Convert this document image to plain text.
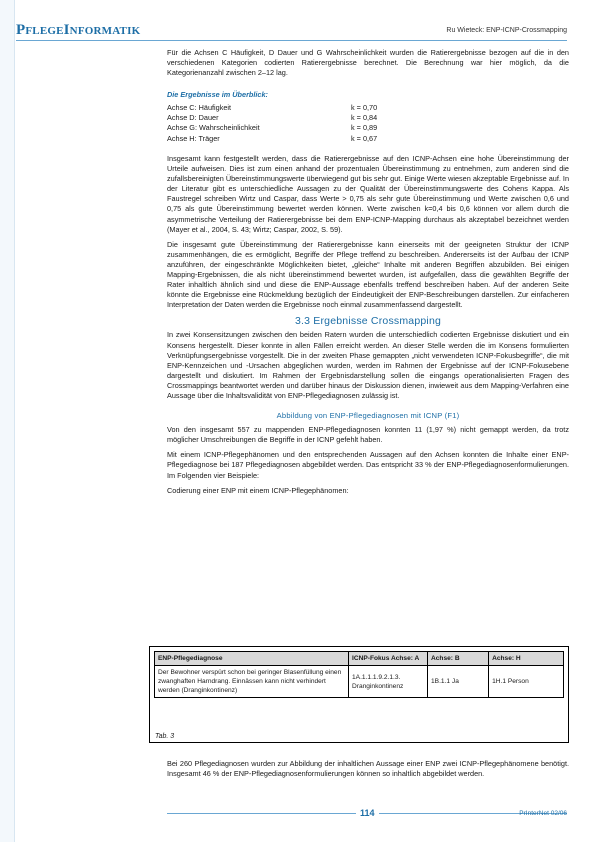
PflegeInformatik	Ru Wieteck: ENP-ICNP-Crossmapping

Für die Achsen C Häufigkeit, D Dauer und G Wahrscheinlichkeit wurden die Ratierergebnisse bezogen auf die in den verschiedenen Kategorien codierten Ratierergebnisse berechnet. Die Berechnung war hier möglich, da die Kategorienanzahl zwischen 2–12 lag.

Die Ergebnisse im Überblick:
Achse C: Häufigkeit	k = 0,70
Achse D: Dauer	k = 0,84
Achse G: Wahrscheinlichkeit	k = 0,89
Achse H: Träger	k = 0,67

Insgesamt kann festgestellt werden, dass die Ratierergebnisse auf den ICNP-Achsen eine hohe Übereinstimmung der Urteile aufweisen. Dies ist zum einen anhand der prozentualen Übereinstimmung zu entnehmen, zum anderen sind die zufallsbereinigten Übereinstimmungswerte überwiegend gut bis sehr gut. Einige Werte wiesen akzeptable Ergebnisse auf. In der Literatur gibt es unterschiedliche Aussagen zu der Qualität der Übereinstimmungswerte des Cohens Kappa. Als Faustregel schreiben Wirtz und Caspar, dass Werte > 0,75 als sehr gute Übereinstimmung und Werte zwischen 0,6 und 0,75 als gute Übereinstimmung bewertet werden können. Werte zwischen k=0,4 bis 0,6 können vor allem durch die asymmetrische Verteilung der Ratierergebnisse bei dem ENP-ICNP-Mapping durchaus als akzeptabel bezeichnet werden (Mayer et al., 2004, S. 43; Wirtz; Caspar, 2002, S. 59).

Die insgesamt gute Übereinstimmung der Ratierergebnisse kann einerseits mit der geeigneten Struktur der ICNP zusammenhängen, die es ermöglicht, Begriffe der Pflege treffend zu beschreiben. Andererseits ist der Aufbau der ICNP anzuführen, der eingeschränkte Möglichkeiten bietet, „gleiche“ Inhalte mit anderen Begriffen abzubilden. Bei einigen Mapping-Ergebnissen, die als nicht übereinstimmend bewertet wurden, ist aufgefallen, dass die gewählten Begriffe der Rater inhaltlich ähnlich sind und diese die ENP-Aussage ebenfalls treffend beschreiben haben. Auf der anderen Seite könnte die Ergebnisse eine Rückmeldung bezüglich der Eindeutigkeit der ENP-Beschreibungen darstellen. Zur einfacheren Interpretation der Daten werden die Ergebnisse noch einmal zusammenfassend dargestellt.

3.3 Ergebnisse Crossmapping

In zwei Konsensitzungen zwischen den beiden Ratern wurden die unterschiedlich codierten Ergebnisse diskutiert und ein Konsens hergestellt. Dieser konnte in allen Fällen erreicht werden. An dieser Stelle werden die im Konsens formulierten Verknüpfungsergebnisse vorgestellt. Die in der zweiten Phase gemappten „nicht verwendeten ICNP-Fokusbegriffe“, die mit ENP-Kennzeichen und -Ursachen abgeglichen wurden, werden im Rahmen der Ergebnisse auf der ICNP-Fokusebene dargestellt und diskutiert. Im Rahmen der Ergebnisdarstellung sollen die eingangs operationalisierten Fragen des Crossmappings beantwortet werden und darüber hinaus der Diskussion dienen, inwieweit aus dem Mapping-Verfahren eine Aussage über die Inhaltsvalidität von ENP-Pflegediagnosen zulässig ist.

Abbildung von ENP-Pflegediagnosen mit ICNP (F1)

Von den insgesamt 557 zu mappenden ENP-Pflegediagnosen konnten 11 (1,97 %) nicht gemappt werden, da trotz möglicher Umschreibungen die Begriffe in der ICNP gefehlt haben.

Mit einem ICNP-Pflegephänomen und den entsprechenden Aussagen auf den Achsen konnten die Inhalte einer ENP-Pflegediagnose bei 187 Pflegediagnosen abgebildet werden. Das entspricht 33 % der ENP-Pflegediagnosenformulierungen. Im Folgenden vier Beispiele:

Codierung einer ENP mit einem ICNP-Pflegephänomen:

ENP-Pflegediagnose	ICNP-Fokus Achse: A	Achse: B	Achse: H
Der Bewohner verspürt schon bei geringer Blasenfüllung einen zwanghaften Harndrang. Einnässen kann nicht verhindert werden (Dranginkontinenz)	1A.1.1.1.9.2.1.3. Dranginkontinenz	1B.1.1 Ja	1H.1 Person
Tab. 3
Bei 260 Pflegediagnosen wurden zur Abbildung der inhaltlichen Aussage einer ENP zwei ICNP-Pflegephänomene benötigt. Insgesamt 46 % der ENP-Pflegediagnosenformulierungen können so inhaltlich abgebildet werden.
114	PrInterNet 02/06
